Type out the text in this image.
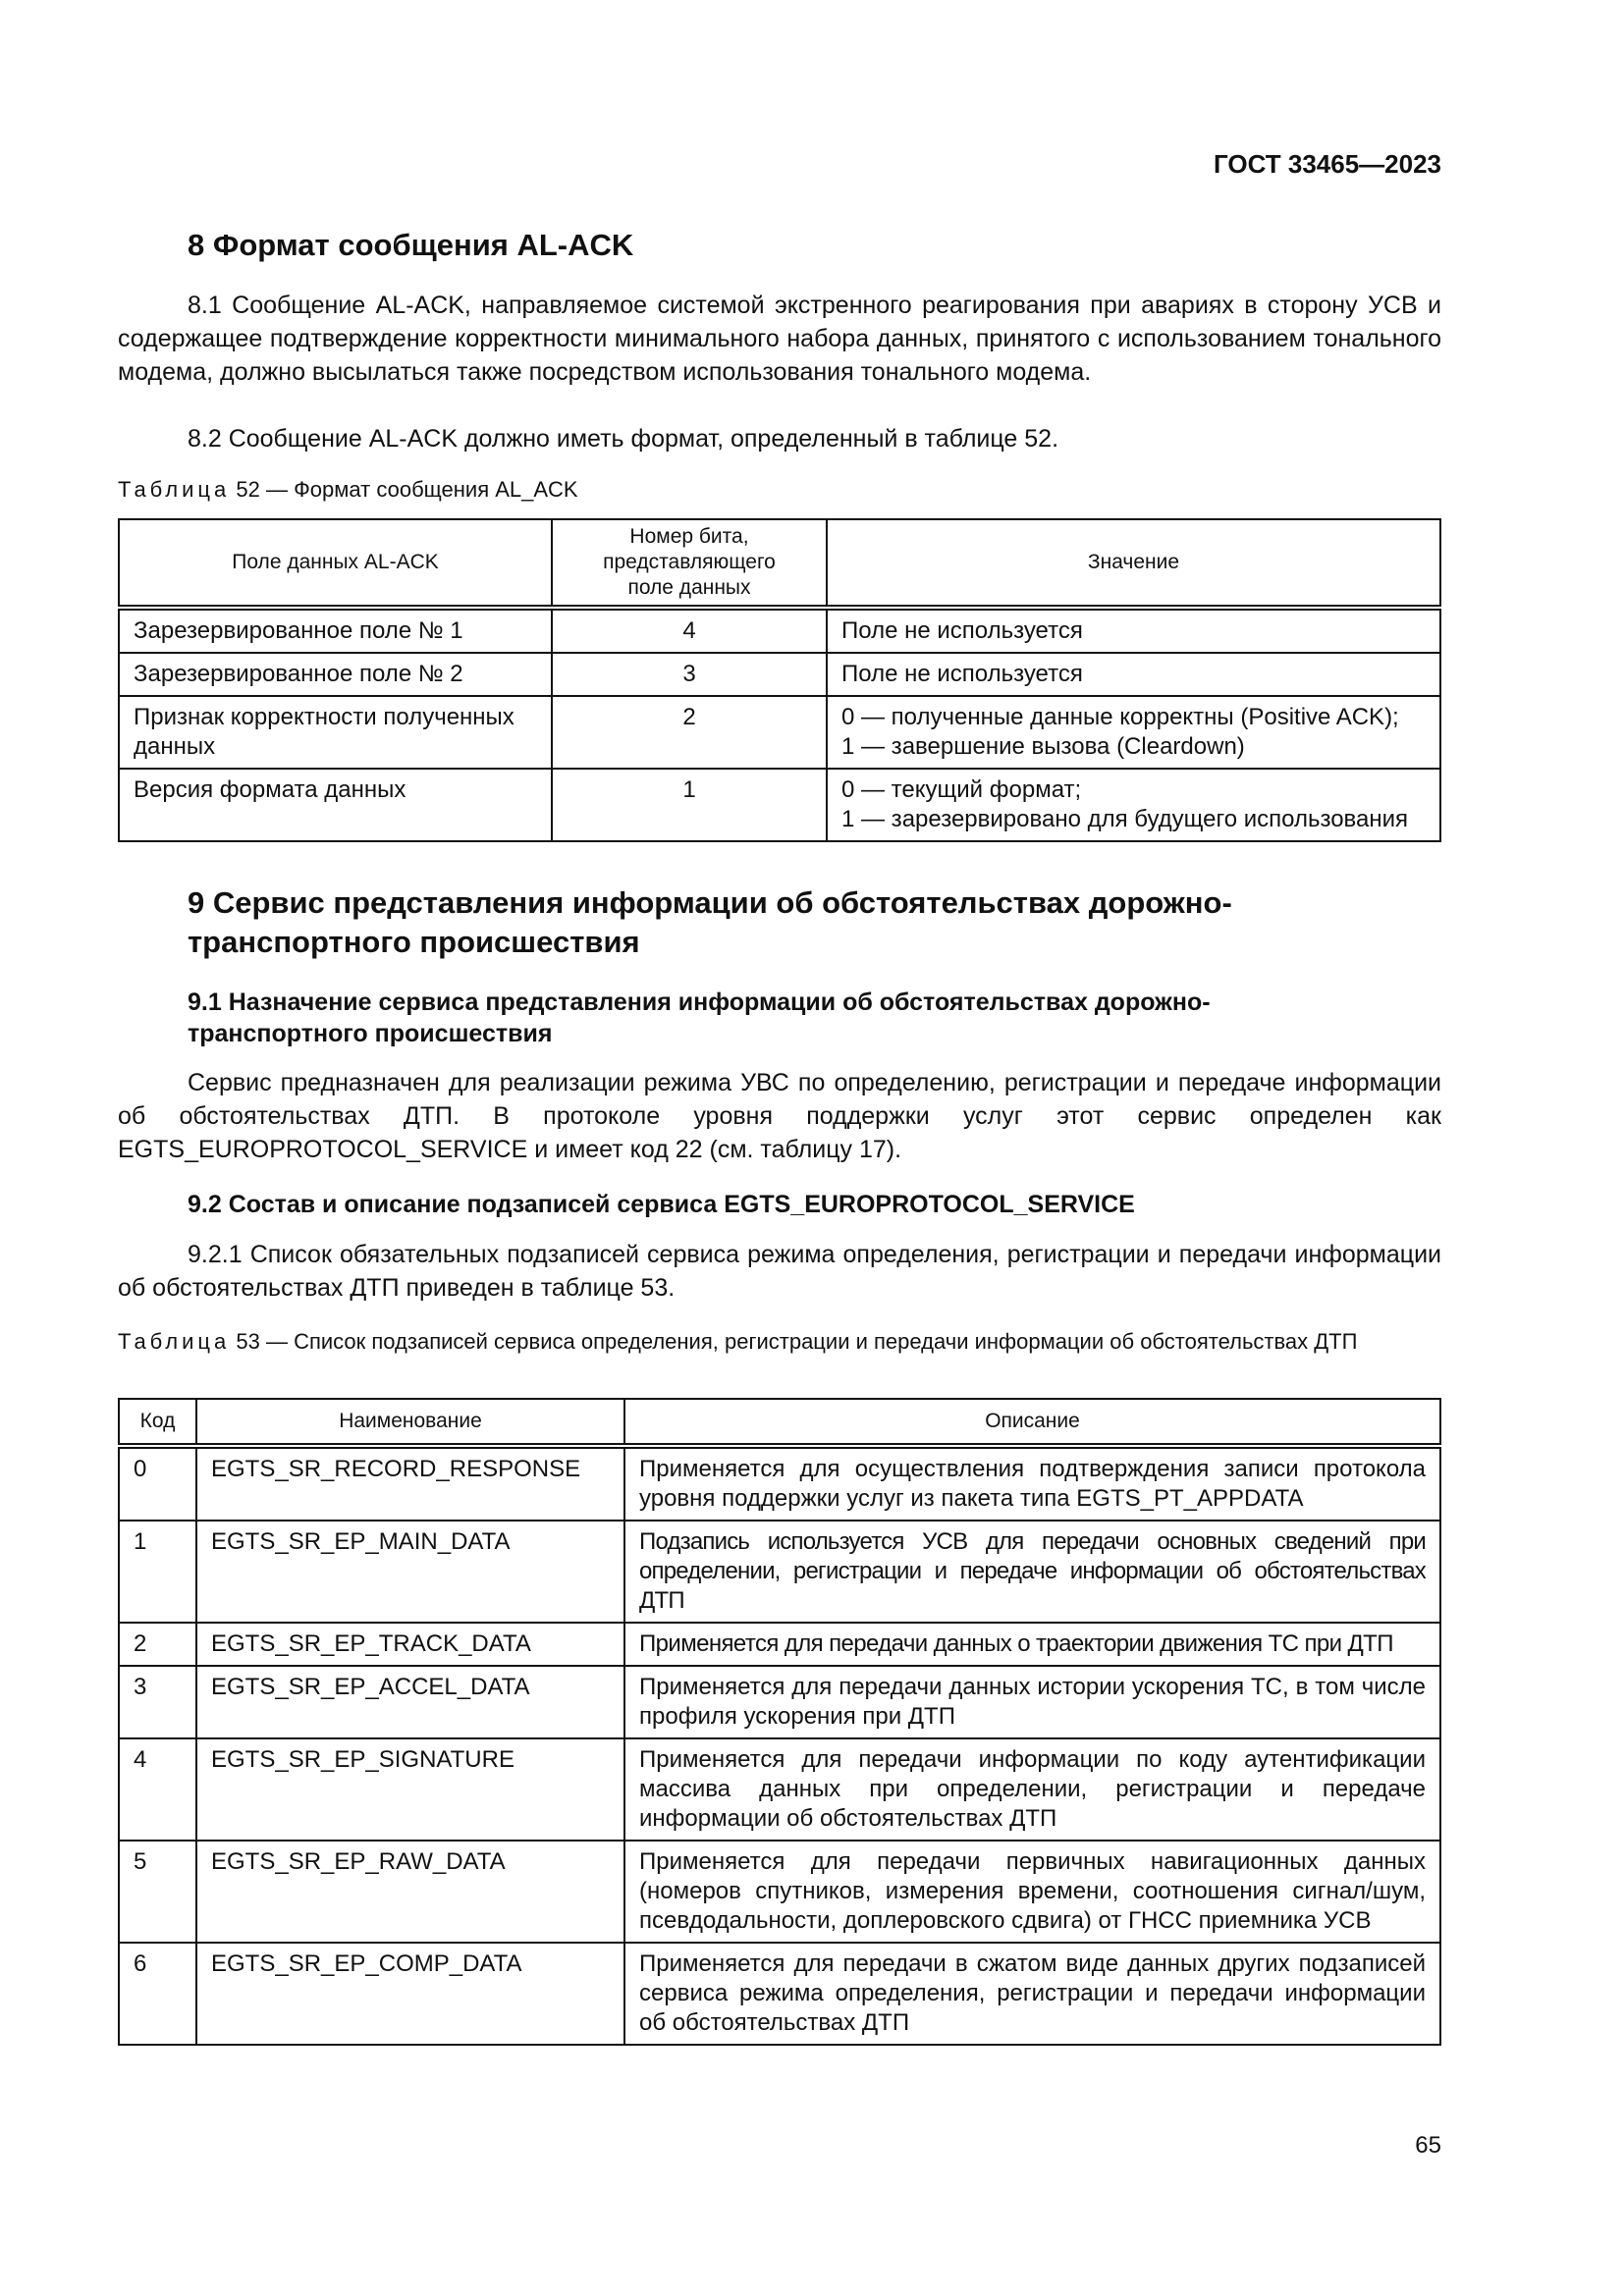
ГОСТ 33465—2023
8 Формат сообщения AL-ACK

8.1 Сообщение AL-ACK, направляемое системой экстренного реагирования при авариях в сторону УСВ и содержащее подтверждение корректности минимального набора данных, принятого с использованием тонального модема, должно высылаться также посредством использования тонального модема.

8.2 Сообщение AL-ACK должно иметь формат, определенный в таблице 52.

Таблица 52 — Формат сообщения AL_ACK
Поле данных AL-ACK	Номер бита, представляющего поле данных	Значение
Зарезервированное поле № 1	4	Поле не используется
Зарезервированное поле № 2	3	Поле не используется
Признак корректности полученных данных	2	0 — полученные данные корректны (Positive ACK);
1 — завершение вызова (Cleardown)

Версия формата данных	1	0 — текущий формат;
1 — зарезервировано для будущего использования
9 Сервис представления информации об обстоятельствах дорожно-транспортного происшествия
9.1 Назначение сервиса представления информации об обстоятельствах дорожно-транспортного происшествия

Сервис предназначен для реализации режима УВС по определению, регистрации и передаче информации об обстоятельствах ДТП. В протоколе уровня поддержки услуг этот сервис определен как EGTS_EUROPROTOCOL_SERVICE и имеет код 22 (см. таблицу 17).

9.2 Состав и описание подзаписей сервиса EGTS_EUROPROTOCOL_SERVICE

9.2.1 Список обязательных подзаписей сервиса режима определения, регистрации и передачи информации об обстоятельствах ДТП приведен в таблице 53.

Таблица 53 — Список подзаписей сервиса определения, регистрации и передачи информации об обстоятельствах ДТП
Код	Наименование	Описание
0	EGTS_SR_RECORD_RESPONSE	Применяется для осуществления подтверждения записи протокола уровня поддержки услуг из пакета типа EGTS_PT_APPDATA
1	EGTS_SR_EP_MAIN_DATA	Подзапись используется УСВ для передачи основных сведений при определении, регистрации и передаче информации об обстоятельствах ДТП
2	EGTS_SR_EP_TRACK_DATA	Применяется для передачи данных о траектории движения ТС при ДТП
3	EGTS_SR_EP_ACCEL_DATA	Применяется для передачи данных истории ускорения ТС, в том числе профиля ускорения при ДТП
4	EGTS_SR_EP_SIGNATURE	Применяется для передачи информации по коду аутентификации массива данных при определении, регистрации и передаче информации об обстоятельствах ДТП
5	EGTS_SR_EP_RAW_DATA	Применяется для передачи первичных навигационных данных (номеров спутников, измерения времени, соотношения сигнал/шум, псевдодальности, доплеровского сдвига) от ГНСС приемника УСВ
6	EGTS_SR_EP_COMP_DATA	Применяется для передачи в сжатом виде данных других подзаписей сервиса режима определения, регистрации и передачи информации об обстоятельствах ДТП
65
